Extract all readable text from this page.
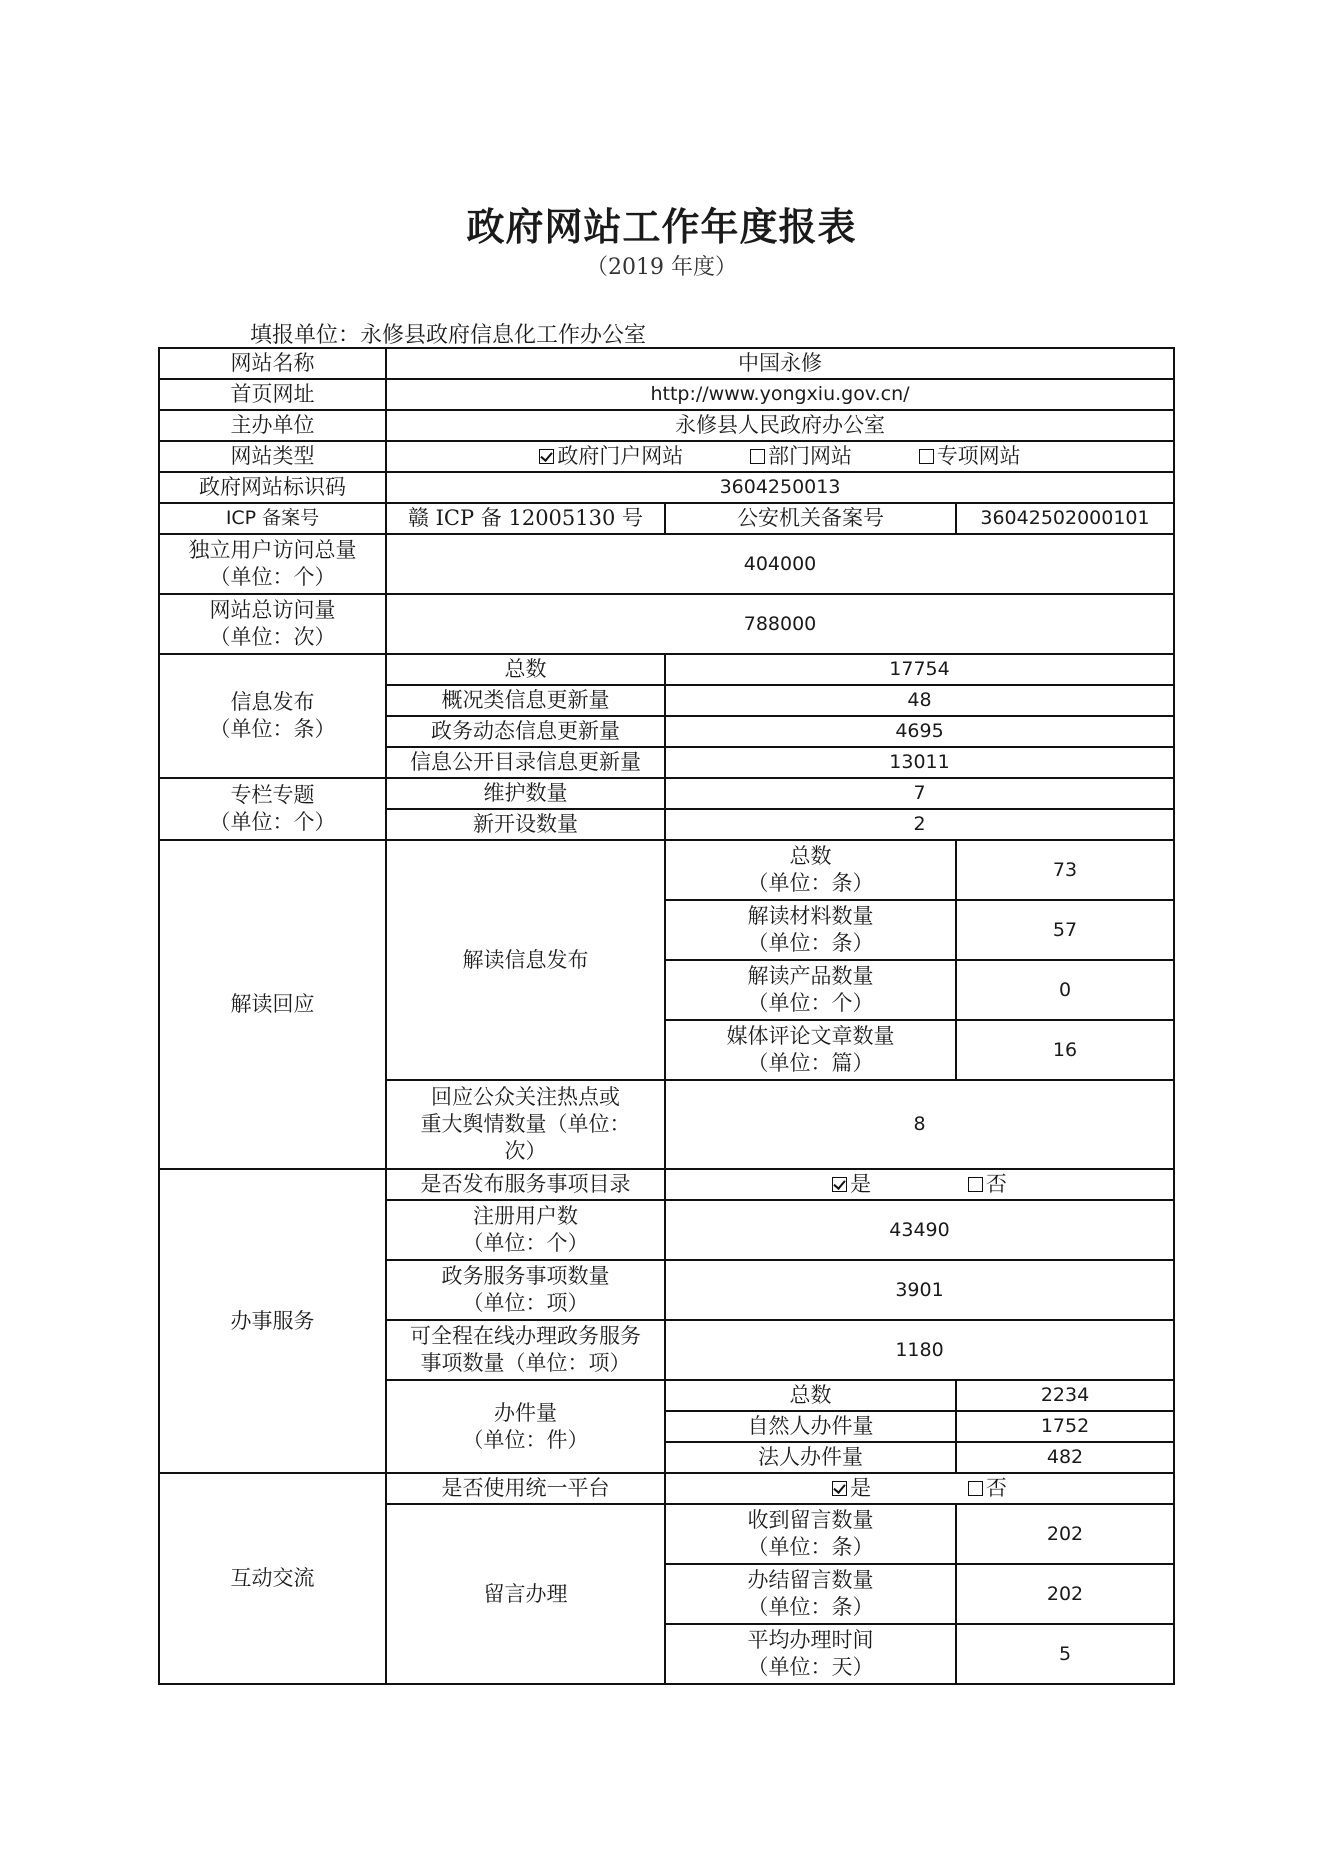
政府网站工作年度报表
（2019 年度）
填报单位：永修县政府信息化工作办公室
网站名称	中国永修		
首页网址	http://www.yongxiu.gov.cn/		
主办单位	永修县人民政府办公室		
网站类型	政府门户网站 部门网站 专项网站		
政府网站标识码	3604250013		
ICP 备案号	赣 ICP 备 12005130 号	公安机关备案号	36042502000101

独立用户访问总量
（单位：个）	404000		

网站总访问量
（单位：次）	788000		

信息发布
（单位：条）	总数	17754	
	概况类信息更新量	48	
	政务动态信息更新量	4695	
	信息公开目录信息更新量	13011	

专栏专题
（单位：个）	维护数量	7	
	新开设数量	2	
解读回应	解读信息发布	总数
（单位：条）	73

		解读材料数量
（单位：条）	57

		解读产品数量
（单位：个）	0

		媒体评论文章数量
（单位：篇）	16

	回应公众关注热点或
重大舆情数量（单位：
次）	8	
办事服务	是否发布服务事项目录	是 否	

	注册用户数
（单位：个）	43490	

	政务服务事项数量
（单位：项）	3901	

	可全程在线办理政务服务
事项数量（单位：项）	1180	

	办件量
（单位：件）	总数	2234
		自然人办件量	1752
		法人办件量	482
互动交流	是否使用统一平台	是 否	
	留言办理	收到留言数量
（单位：条）	202

		办结留言数量
（单位：条）	202

		平均办理时间
（单位：天）	5
